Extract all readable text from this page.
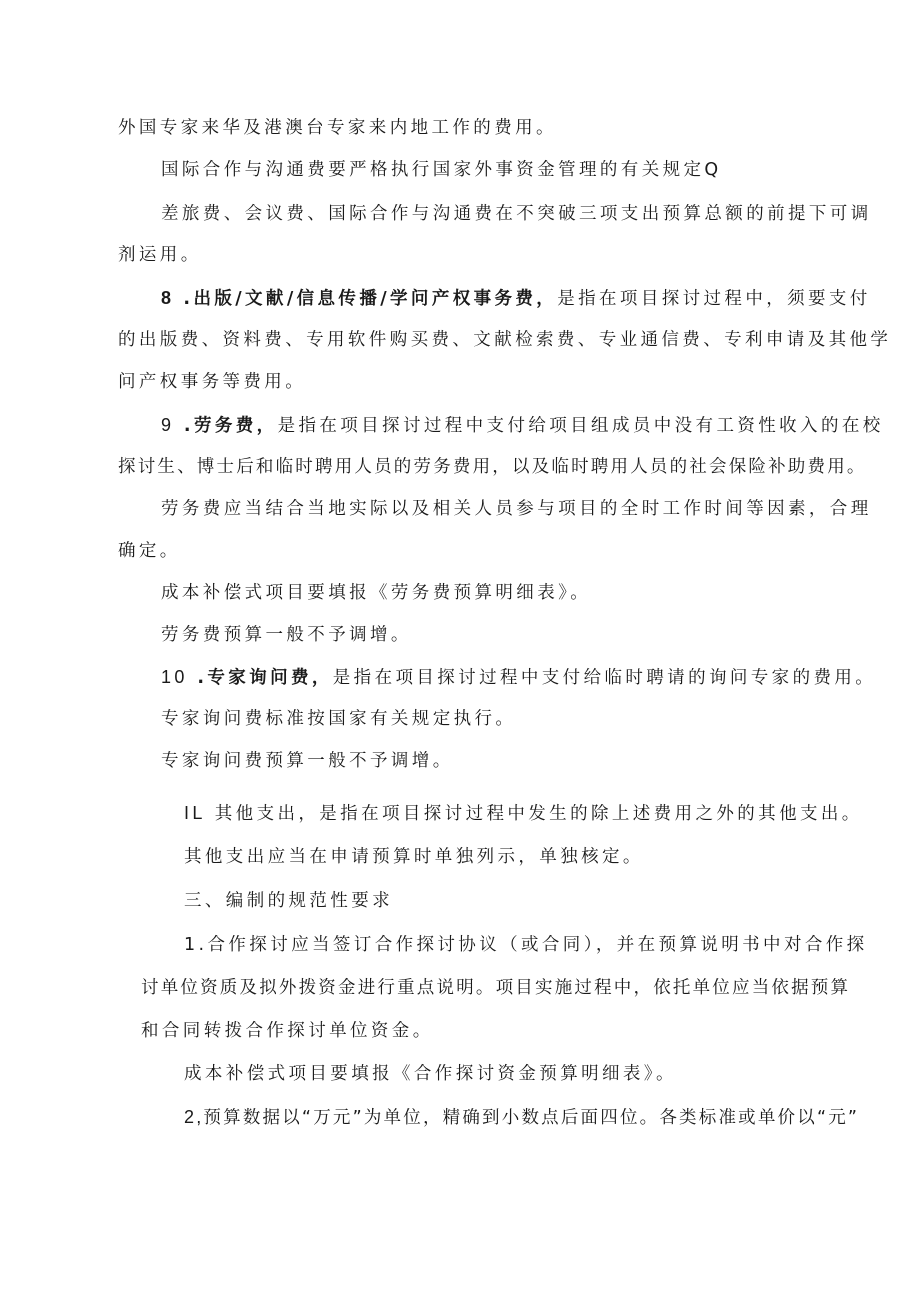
外国专家来华及港澳台专家来内地工作的费用。
国际合作与沟通费要严格执行国家外事资金管理的有关规定Q
差旅费、会议费、国际合作与沟通费在不突破三项支出预算总额的前提下可调
剂运用。
8 .出版/文献/信息传播/学问产权事务费，是指在项目探讨过程中，须要支付
的出版费、资料费、专用软件购买费、文献检索费、专业通信费、专利申请及其他学
问产权事务等费用。
9 .劳务费，是指在项目探讨过程中支付给项目组成员中没有工资性收入的在校
探讨生、博士后和临时聘用人员的劳务费用，以及临时聘用人员的社会保险补助费用。
劳务费应当结合当地实际以及相关人员参与项目的全时工作时间等因素，合理
确定。
成本补偿式项目要填报《劳务费预算明细表》。
劳务费预算一般不予调增。
10 .专家询问费，是指在项目探讨过程中支付给临时聘请的询问专家的费用。
专家询问费标准按国家有关规定执行。
专家询问费预算一般不予调增。
IL 其他支出，是指在项目探讨过程中发生的除上述费用之外的其他支出。
其他支出应当在申请预算时单独列示，单独核定。
三、编制的规范性要求
1.合作探讨应当签订合作探讨协议（或合同），并在预算说明书中对合作探
讨单位资质及拟外拨资金进行重点说明。项目实施过程中，依托单位应当依据预算
和合同转拨合作探讨单位资金。
成本补偿式项目要填报《合作探讨资金预算明细表》。
2,预算数据以“万元”为单位，精确到小数点后面四位。各类标准或单价以“元”
